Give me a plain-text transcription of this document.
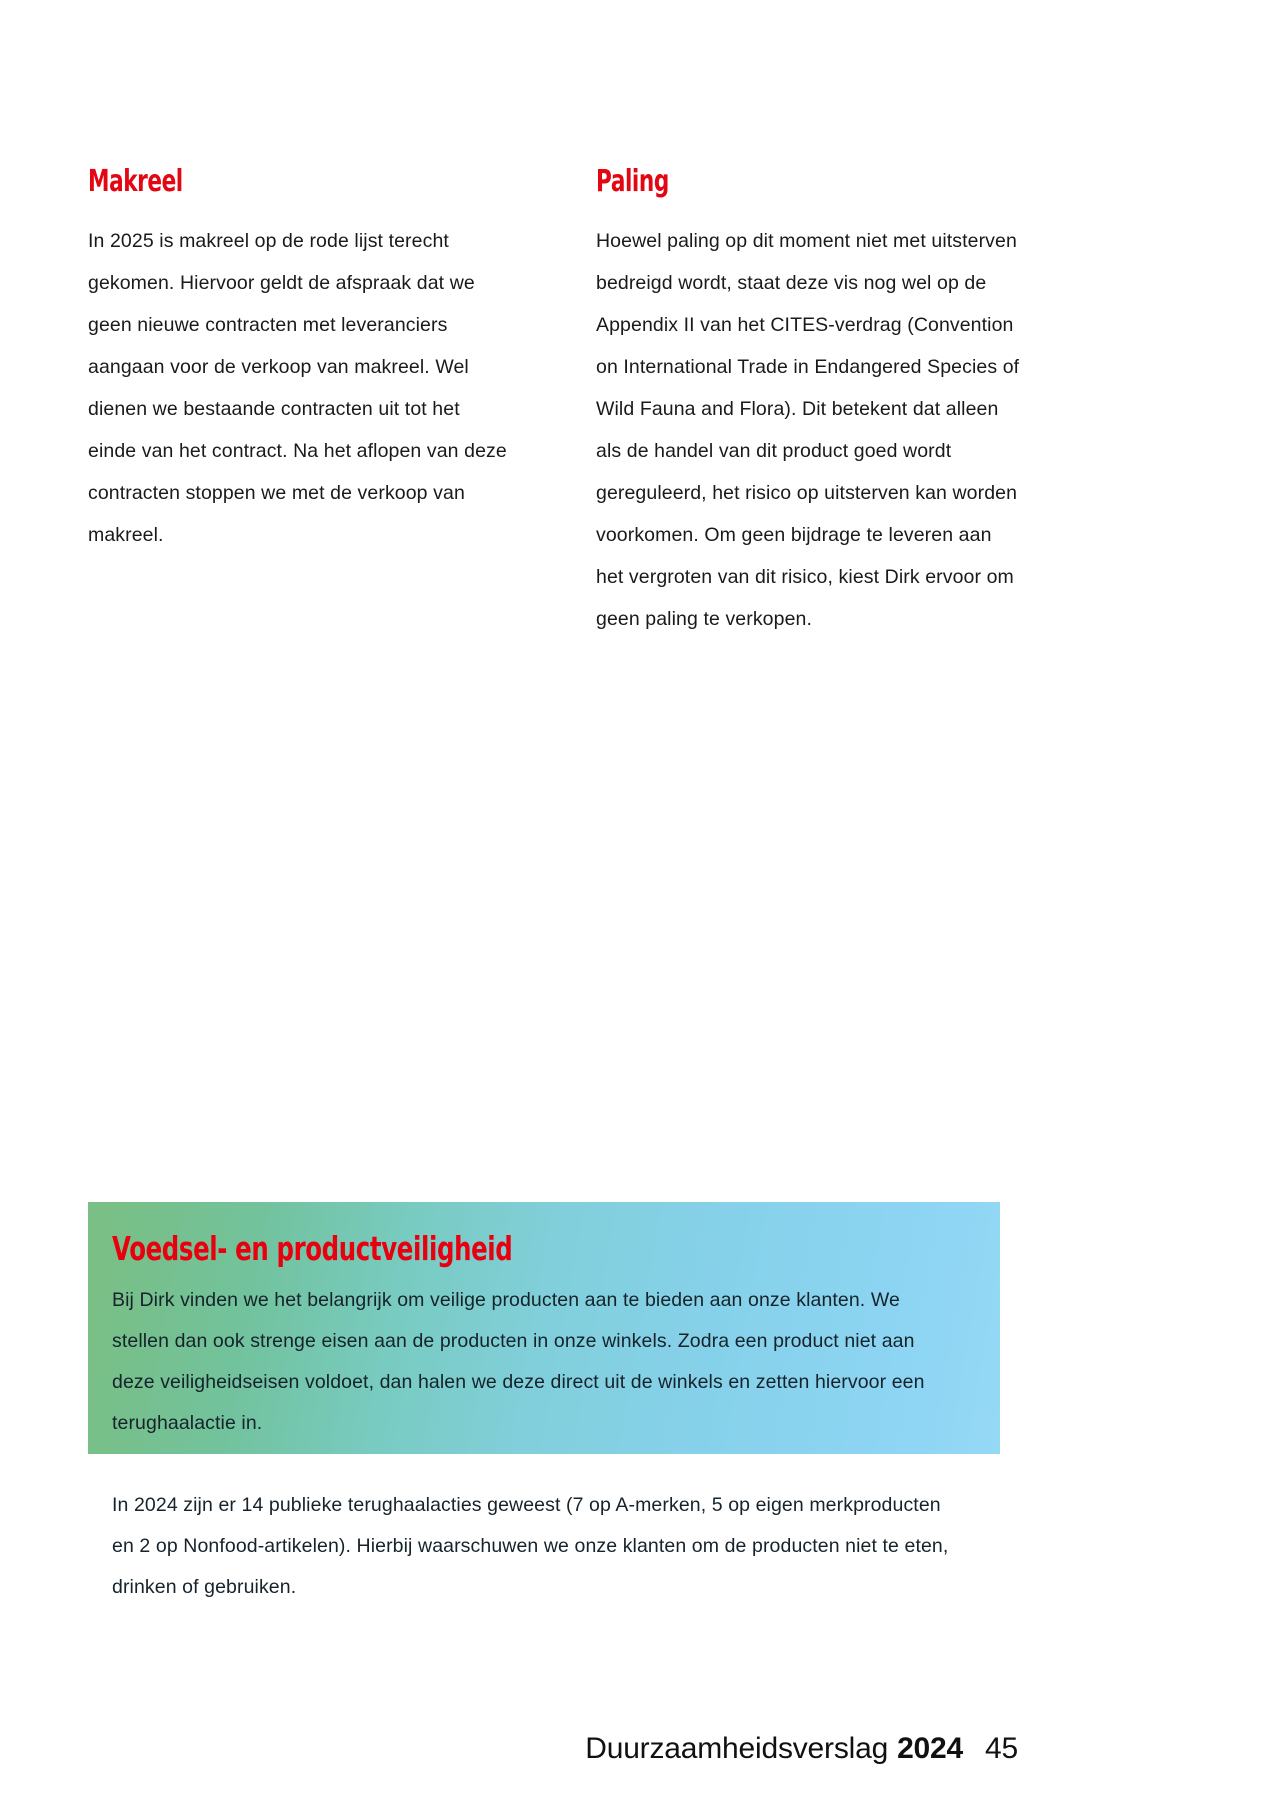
Makreel

In 2025 is makreel op de rode lijst terecht gekomen. Hiervoor geldt de afspraak dat we geen nieuwe contracten met leveranciers aangaan voor de verkoop van makreel. Wel dienen we bestaande contracten uit tot het einde van het contract. Na het aflopen van deze contracten stoppen we met de verkoop van makreel.

Paling

Hoewel paling op dit moment niet met uitsterven bedreigd wordt, staat deze vis nog wel op de Appendix II van het CITES-verdrag (Convention on International Trade in Endangered Species of Wild Fauna and Flora). Dit betekent dat alleen als de handel van dit product goed wordt gereguleerd, het risico op uitsterven kan worden voorkomen. Om geen bijdrage te leveren aan het vergroten van dit risico, kiest Dirk ervoor om geen paling te verkopen.

Voedsel- en productveiligheid

Bij Dirk vinden we het belangrijk om veilige producten aan te bieden aan onze klanten. We stellen dan ook strenge eisen aan de producten in onze winkels. Zodra een product niet aan deze veiligheidseisen voldoet, dan halen we deze direct uit de winkels en zetten hiervoor een terughaalactie in.

In 2024 zijn er 14 publieke terughaalacties geweest (7 op A-merken, 5 op eigen merkproducten en 2 op Nonfood-artikelen). Hierbij waarschuwen we onze klanten om de producten niet te eten, drinken of gebruiken.

Duurzaamheidsverslag 2024 45
